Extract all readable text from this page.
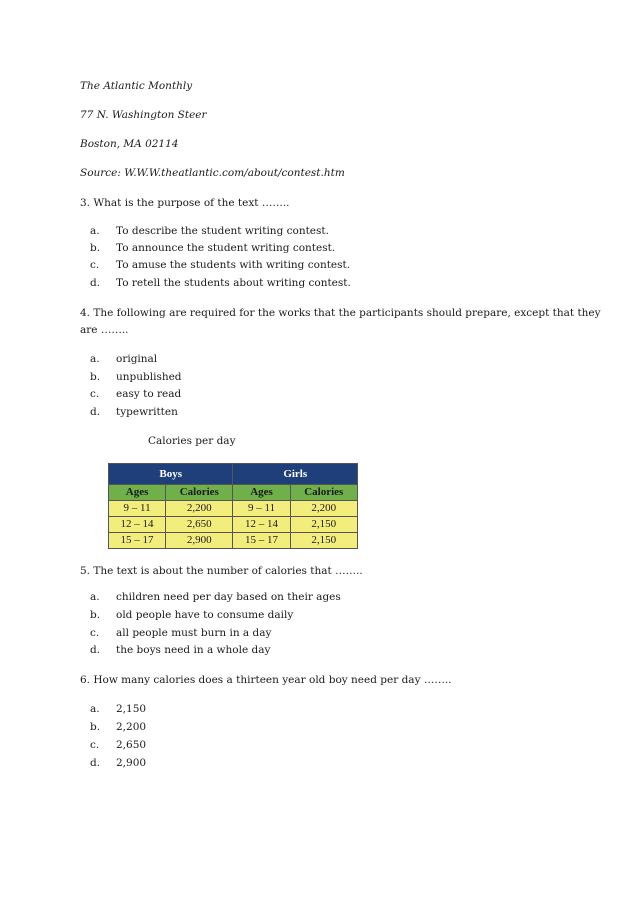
The Atlantic Monthly
77 N. Washington Steer
Boston, MA 02114
Source: W.W.W.theatlantic.com/about/contest.htm
3. What is the purpose of the text ……..
a. To describe the student writing contest.
b. To announce the student writing contest.
c. To amuse the students with writing contest.
d. To retell the students about writing contest.
4. The following are required for the works that the participants should prepare, except that they
are ……..
a. original
b. unpublished
c. easy to read
d. typewritten
Calories per day
Boys		Girls	
Ages	Calories	Ages	Calories
9 – 11	2,200	9 – 11	2,200
12 – 14	2,650	12 – 14	2,150
15 – 17	2,900	15 – 17	2,150
5. The text is about the number of calories that ……..
a. children need per day based on their ages
b. old people have to consume daily
c. all people must burn in a day
d. the boys need in a whole day
6. How many calories does a thirteen year old boy need per day ……..
a. 2,150
b. 2,200
c. 2,650
d. 2,900
